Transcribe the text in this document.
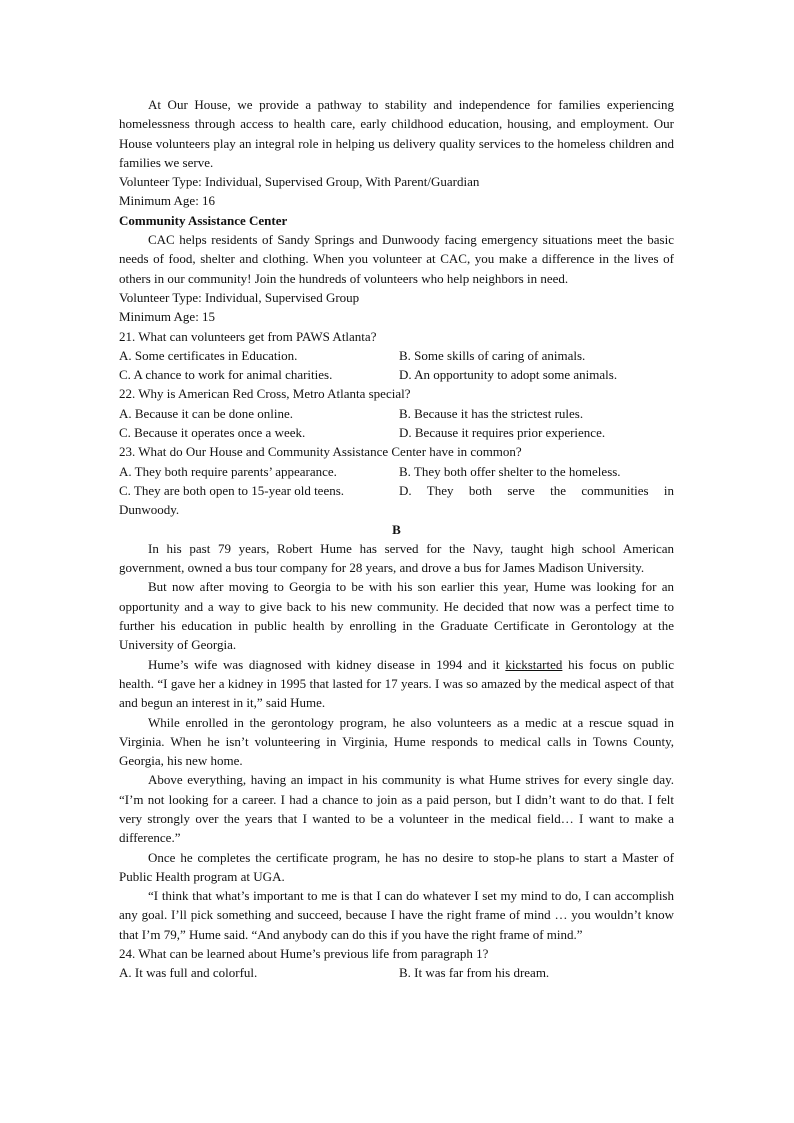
At Our House, we provide a pathway to stability and independence for families experiencing homelessness through access to health care, early childhood education, housing, and employment. Our House volunteers play an integral role in helping us delivery quality services to the homeless children and families we serve.

Volunteer Type: Individual, Supervised Group, With Parent/Guardian

Minimum Age: 16

Community Assistance Center

CAC helps residents of Sandy Springs and Dunwoody facing emergency situations meet the basic needs of food, shelter and clothing. When you volunteer at CAC, you make a difference in the lives of others in our community! Join the hundreds of volunteers who help neighbors in need.

Volunteer Type: Individual, Supervised Group

Minimum Age: 15

21. What can volunteers get from PAWS Atlanta?

A. Some certificates in Education.	B. Some skills of caring of animals.
C. A chance to work for animal charities.	D. An opportunity to adopt some animals.

22. Why is American Red Cross, Metro Atlanta special?

A. Because it can be done online.	B. Because it has the strictest rules.
C. Because it operates once a week.	D. Because it requires prior experience.

23. What do Our House and Community Assistance Center have in common?

A. They both require parents’ appearance.	B. They both offer shelter to the homeless.
C. They are both open to 15-year old teens.	D. They both serve the communities in

Dunwoody.

B

In his past 79 years, Robert Hume has served for the Navy, taught high school American government, owned a bus tour company for 28 years, and drove a bus for James Madison University.

But now after moving to Georgia to be with his son earlier this year, Hume was looking for an opportunity and a way to give back to his new community. He decided that now was a perfect time to further his education in public health by enrolling in the Graduate Certificate in Gerontology at the University of Georgia.

Hume’s wife was diagnosed with kidney disease in 1994 and it kickstarted his focus on public health. “I gave her a kidney in 1995 that lasted for 17 years. I was so amazed by the medical aspect of that and begun an interest in it,” said Hume.

While enrolled in the gerontology program, he also volunteers as a medic at a rescue squad in Virginia. When he isn’t volunteering in Virginia, Hume responds to medical calls in Towns County, Georgia, his new home.

Above everything, having an impact in his community is what Hume strives for every single day. “I’m not looking for a career. I had a chance to join as a paid person, but I didn’t want to do that. I felt very strongly over the years that I wanted to be a volunteer in the medical field… I want to make a difference.”

Once he completes the certificate program, he has no desire to stop-he plans to start a Master of Public Health program at UGA.

“I think that what’s important to me is that I can do whatever I set my mind to do, I can accomplish any goal. I’ll pick something and succeed, because I have the right frame of mind … you wouldn’t know that I’m 79,” Hume said. “And anybody can do this if you have the right frame of mind.”

24. What can be learned about Hume’s previous life from paragraph 1?

A. It was full and colorful.	B. It was far from his dream.
